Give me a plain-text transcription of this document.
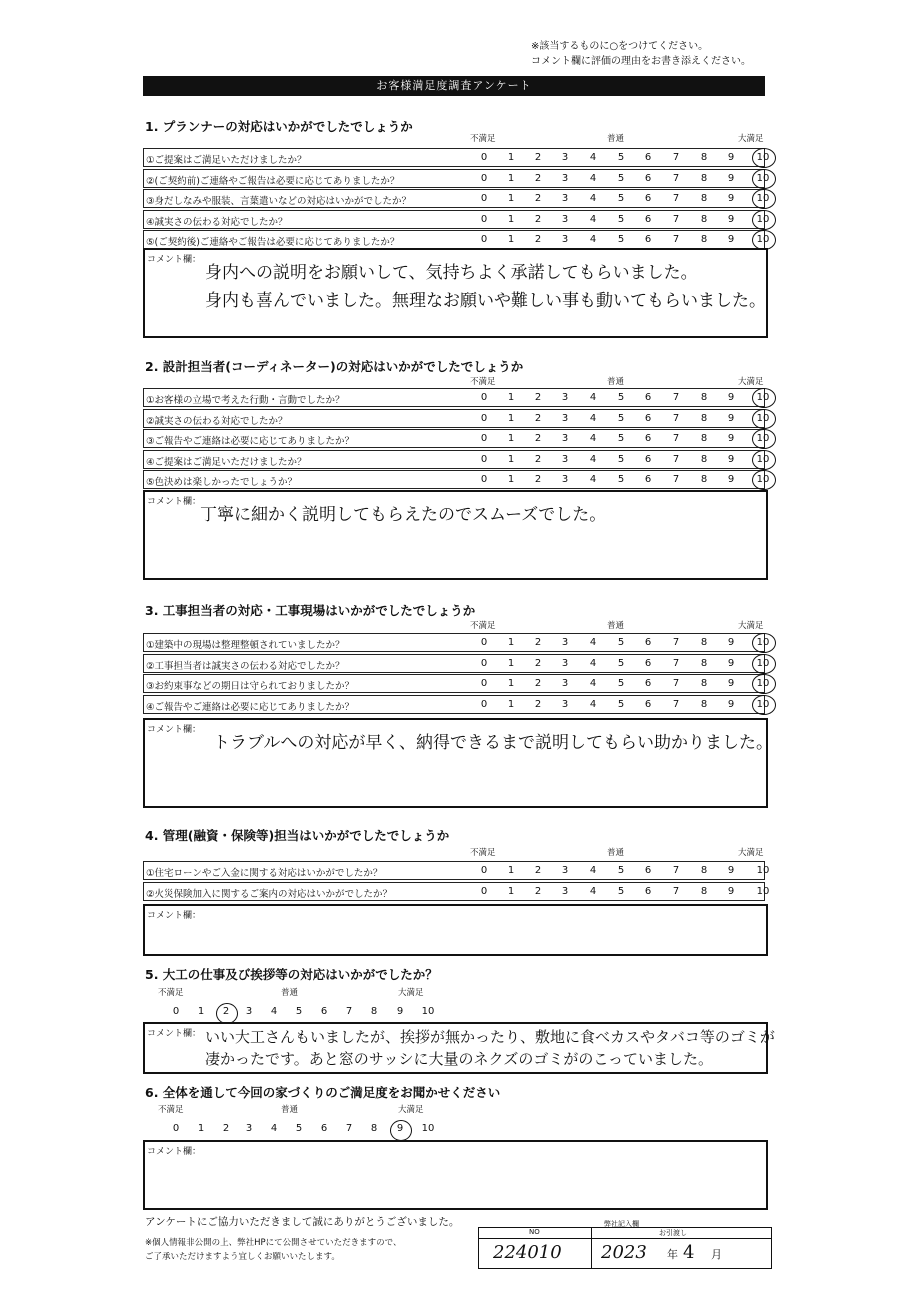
※該当するものに○をつけてください。
コメント欄に評価の理由をお書き添えください。
お客様満足度調査アンケート
1. プランナーの対応はいかがでしたでしょうか
不満足	普通	大満足
①ご提案はご満足いただけましたか？	0	1	2	3	4	5	6	7	8	9	10
②(ご契約前)ご連絡やご報告は必要に応じてありましたか？	0	1	2	3	4	5	6	7	8	9	10
③身だしなみや服装、言葉遣いなどの対応はいかがでしたか？	0	1	2	3	4	5	6	7	8	9	10
④誠実さの伝わる対応でしたか？	0	1	2	3	4	5	6	7	8	9	10
⑤(ご契約後)ご連絡やご報告は必要に応じてありましたか？	0	1	2	3	4	5	6	7	8	9	10
コメント欄：
身内への説明をお願いして、気持ちよく承諾してもらいました。
身内も喜んでいました。無理なお願いや難しい事も動いてもらいました。
2. 設計担当者(コーディネーター)の対応はいかがでしたでしょうか
不満足	普通	大満足
①お客様の立場で考えた行動・言動でしたか？	0	1	2	3	4	5	6	7	8	9	10
②誠実さの伝わる対応でしたか？	0	1	2	3	4	5	6	7	8	9	10
③ご報告やご連絡は必要に応じてありましたか？	0	1	2	3	4	5	6	7	8	9	10
④ご提案はご満足いただけましたか？	0	1	2	3	4	5	6	7	8	9	10
⑤色決めは楽しかったでしょうか？	0	1	2	3	4	5	6	7	8	9	10
コメント欄：
丁寧に細かく説明してもらえたのでスムーズでした。
3. 工事担当者の対応・工事現場はいかがでしたでしょうか
不満足	普通	大満足
①建築中の現場は整理整頓されていましたか？	0	1	2	3	4	5	6	7	8	9	10
②工事担当者は誠実さの伝わる対応でしたか？	0	1	2	3	4	5	6	7	8	9	10
③お約束事などの期日は守られておりましたか？	0	1	2	3	4	5	6	7	8	9	10
④ご報告やご連絡は必要に応じてありましたか？	0	1	2	3	4	5	6	7	8	9	10
コメント欄：
トラブルへの対応が早く、納得できるまで説明してもらい助かりました。
4. 管理(融資・保険等)担当はいかがでしたでしょうか
不満足	普通	大満足
①住宅ローンやご入金に関する対応はいかがでしたか？	0	1	2	3	4	5	6	7	8	9	10
②火災保険加入に関するご案内の対応はいかがでしたか？	0	1	2	3	4	5	6	7	8	9	10
コメント欄：
5. 大工の仕事及び挨拶等の対応はいかがでしたか？
不満足	普通	大満足
0	1	2	3	4	5	6	7	8	9	10
コメント欄： いい大工さんもいましたが、挨拶が無かったり、敷地に食べカスやタバコ等のゴミが
凄かったです。あと窓のサッシに大量のネクズのゴミがのこっていました。
6. 全体を通して今回の家づくりのご満足度をお聞かせください
不満足	普通	大満足
0	1	2	3	4	5	6	7	8	9	10
コメント欄：
アンケートにご協力いただきまして誠にありがとうございました。
※個人情報非公開の上、弊社HPにて公開させていただきますので、
ご了承いただけますよう宜しくお願いいたします。
弊社記入欄
NO	お引渡し
224010 2023 年 4 月
